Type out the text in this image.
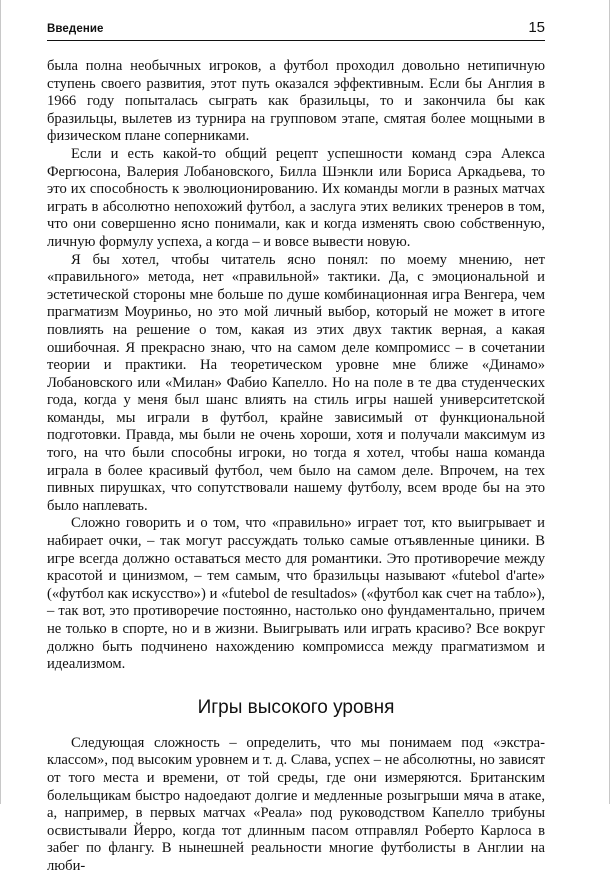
Введение	15

была полна необычных игроков, а футбол проходил довольно нетипичную ступень своего развития, этот путь оказался эффективным. Если бы Англия в 1966 году попыталась сыграть как бразильцы, то и закончила бы как бразильцы, вылетев из турнира на групповом этапе, смятая более мощными в физическом плане соперниками.

Если и есть какой-то общий рецепт успешности команд сэра Алекса Фергюсона, Валерия Лобановского, Билла Шэнкли или Бориса Аркадьева, то это их способность к эволюционированию. Их команды могли в разных матчах играть в абсолютно непохожий футбол, а заслуга этих великих тренеров в том, что они совершенно ясно понимали, как и когда изменять свою собственную, личную формулу успеха, а когда – и вовсе вывести новую.

Я бы хотел, чтобы читатель ясно понял: по моему мнению, нет «правильного» метода, нет «правильной» тактики. Да, с эмоциональной и эстетической стороны мне больше по душе комбинационная игра Венгера, чем прагматизм Моуриньо, но это мой личный выбор, который не может в итоге повлиять на решение о том, какая из этих двух тактик верная, а какая ошибочная. Я прекрасно знаю, что на самом деле компромисс – в сочетании теории и практики. На теоретическом уровне мне ближе «Динамо» Лобановского или «Милан» Фабио Капелло. Но на поле в те два студенческих года, когда у меня был шанс влиять на стиль игры нашей университетской команды, мы играли в футбол, крайне зависимый от функциональной подготовки. Правда, мы были не очень хороши, хотя и получали максимум из того, на что были способны игроки, но тогда я хотел, чтобы наша команда играла в более красивый футбол, чем было на самом деле. Впрочем, на тех пивных пирушках, что сопутствовали нашему футболу, всем вроде бы на это было наплевать.

Сложно говорить и о том, что «правильно» играет тот, кто выигрывает и набирает очки, – так могут рассуждать только самые отъявленные циники. В игре всегда должно оставаться место для романтики. Это противоречие между красотой и цинизмом, – тем самым, что бразильцы называют «futebol d'arte» («футбол как искусство») и «futebol de resultados» («футбол как счет на табло»), – так вот, это противоречие постоянно, настолько оно фундаментально, причем не только в спорте, но и в жизни. Выигрывать или играть красиво? Все вокруг должно быть подчинено нахождению компромисса между прагматизмом и идеализмом.

Игры высокого уровня

Следующая сложность – определить, что мы понимаем под «экстра-классом», под высоким уровнем и т. д. Слава, успех – не абсолютны, но зависят от того места и времени, от той среды, где они измеряются. Британским болельщикам быстро надоедают долгие и медленные розыгрыши мяча в атаке, а, например, в первых матчах «Реала» под руководством Капелло трибуны освистывали Йерро, когда тот длинным пасом отправлял Роберто Карлоса в забег по флангу. В нынешней реальности многие футболисты в Англии на люби-
